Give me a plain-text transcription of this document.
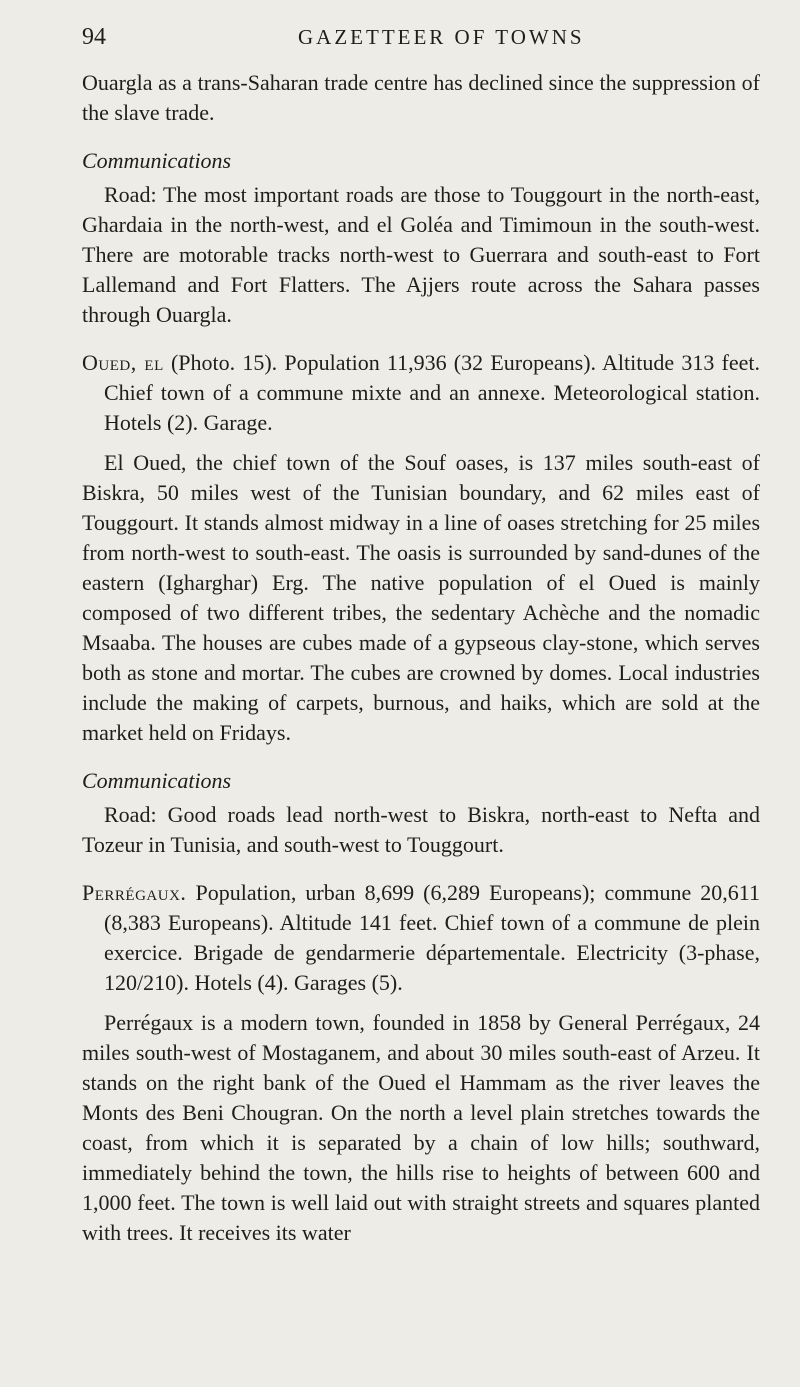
94	GAZETTEER OF TOWNS

Ouargla as a trans-Saharan trade centre has declined since the suppression of the slave trade.

Communications

Road: The most important roads are those to Touggourt in the north-east, Ghardaia in the north-west, and el Goléa and Timimoun in the south-west. There are motorable tracks north-west to Guerrara and south-east to Fort Lallemand and Fort Flatters. The Ajjers route across the Sahara passes through Ouargla.

Oued, el (Photo. 15). Population 11,936 (32 Europeans). Altitude 313 feet. Chief town of a commune mixte and an annexe. Meteorological station. Hotels (2). Garage.

El Oued, the chief town of the Souf oases, is 137 miles south-east of Biskra, 50 miles west of the Tunisian boundary, and 62 miles east of Touggourt. It stands almost midway in a line of oases stretching for 25 miles from north-west to south-east. The oasis is surrounded by sand-dunes of the eastern (Igharghar) Erg. The native population of el Oued is mainly composed of two different tribes, the sedentary Achèche and the nomadic Msaaba. The houses are cubes made of a gypseous clay-stone, which serves both as stone and mortar. The cubes are crowned by domes. Local industries include the making of carpets, burnous, and haiks, which are sold at the market held on Fridays.

Communications

Road: Good roads lead north-west to Biskra, north-east to Nefta and Tozeur in Tunisia, and south-west to Touggourt.

Perrégaux. Population, urban 8,699 (6,289 Europeans); commune 20,611 (8,383 Europeans). Altitude 141 feet. Chief town of a commune de plein exercice. Brigade de gendarmerie départementale. Electricity (3-phase, 120/210). Hotels (4). Garages (5).

Perrégaux is a modern town, founded in 1858 by General Perrégaux, 24 miles south-west of Mostaganem, and about 30 miles south-east of Arzeu. It stands on the right bank of the Oued el Hammam as the river leaves the Monts des Beni Chougran. On the north a level plain stretches towards the coast, from which it is separated by a chain of low hills; southward, immediately behind the town, the hills rise to heights of between 600 and 1,000 feet. The town is well laid out with straight streets and squares planted with trees. It receives its water
